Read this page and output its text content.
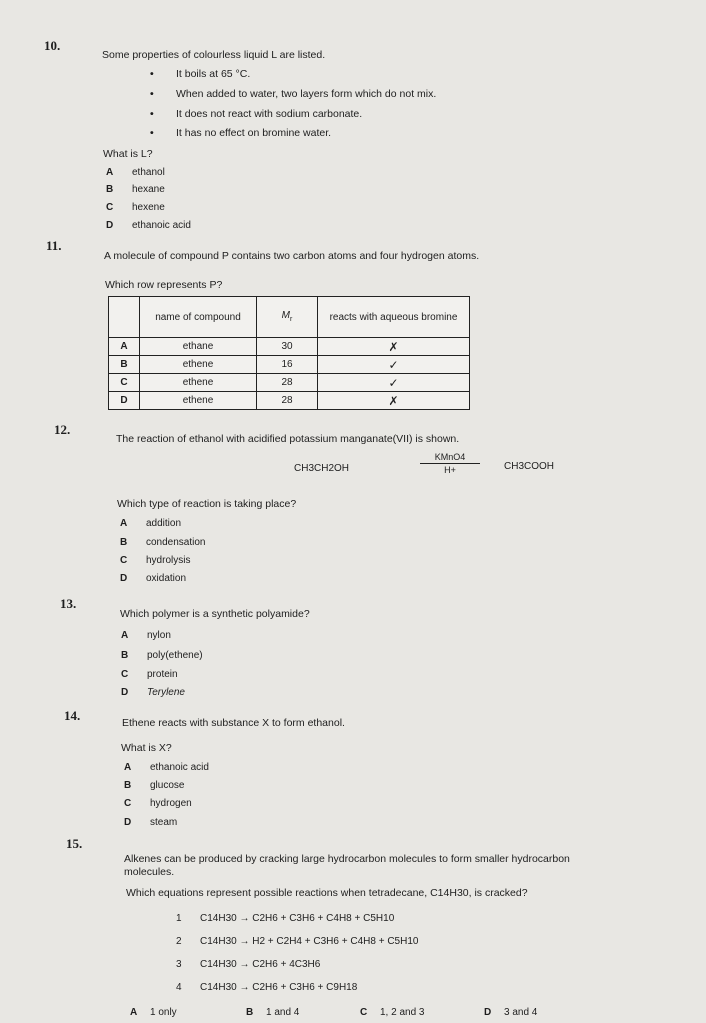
10.
Some properties of colourless liquid L are listed.
• It boils at 65 °C.
• When added to water, two layers form which do not mix.
• It does not react with sodium carbonate.
• It has no effect on bromine water.
What is L?
A ethanol
B hexane
C hexene
D ethanoic acid
11.
A molecule of compound P contains two carbon atoms and four hydrogen atoms.
Which row represents P?
	name of compound	$M_r$	reacts with aqueous bromine
A	ethane	30	✗
B	ethene	16	✓
C	ethene	28	✓
D	ethene	28	✗
12.
The reaction of ethanol with acidified potassium manganate(VII) is shown.
CH3CH2OH
KMnO4
H+	CH3COOH
Which type of reaction is taking place?
A addition
B condensation
C hydrolysis
D oxidation
13.
Which polymer is a synthetic polyamide?
A nylon
B poly(ethene)
C protein
D Terylene
14.	Ethene reacts with substance X to form ethanol.
What is X?
A ethanoic acid
B glucose
C hydrogen
D steam
15.
Alkenes can be produced by cracking large hydrocarbon molecules to form smaller hydrocarbon
molecules.
Which equations represent possible reactions when tetradecane, C14H30, is cracked?
1 C14H30 → C2H6 + C3H6 + C4H8 + C5H10
2 C14H30 → H2 + C2H4 + C3H6 + C4H8 + C5H10
3 C14H30 → C2H6 + 4C3H6
4 C14H30 → C2H6 + C3H6 + C9H18
A 1 only	B 1 and 4	C 1, 2 and 3	D 3 and 4
